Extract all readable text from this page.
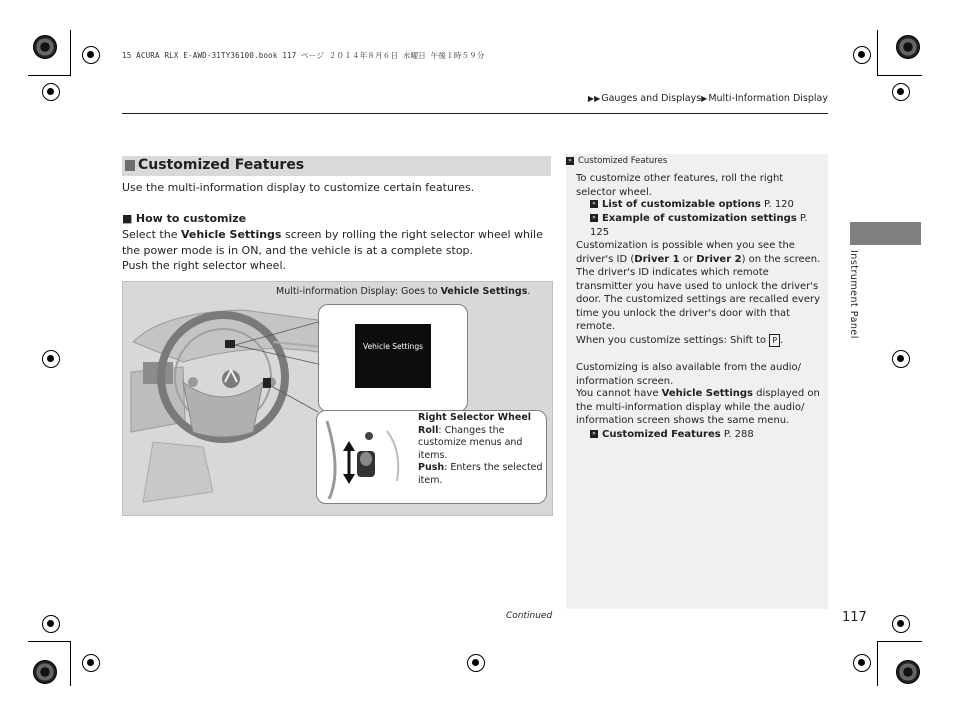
15 ACURA RLX E-AWD-31TY36100.book 117 ページ ２０１４年８月６日 水曜日 午後１時５９分
▶▶Gauges and Displays▶Multi-Information Display
Customized Features
Use the multi-information display to customize certain features.
■ How to customize
Select the Vehicle Settings screen by rolling the right selector wheel while the power mode is in ON, and the vehicle is at a complete stop.
Push the right selector wheel.
Vehicle Settings
Multi-information Display: Goes to Vehicle Settings.
Right Selector Wheel
Roll: Changes the customize menus and items.
Push: Enters the selected item.
» Customized Features
To customize other features, roll the right selector wheel.
» List of customizable options P. 120
» Example of customization settings P. 125
Customization is possible when you see the driver's ID (Driver 1 or Driver 2) on the screen.
The driver's ID indicates which remote transmitter you have used to unlock the driver's door. The customized settings are recalled every time you unlock the driver's door with that remote.
When you customize settings: Shift to P .
Customizing is also available from the audio/ information screen.
You cannot have Vehicle Settings displayed on the multi-information display while the audio/ information screen shows the same menu.
» Customized Features P. 288
Instrument Panel
Continued	117
